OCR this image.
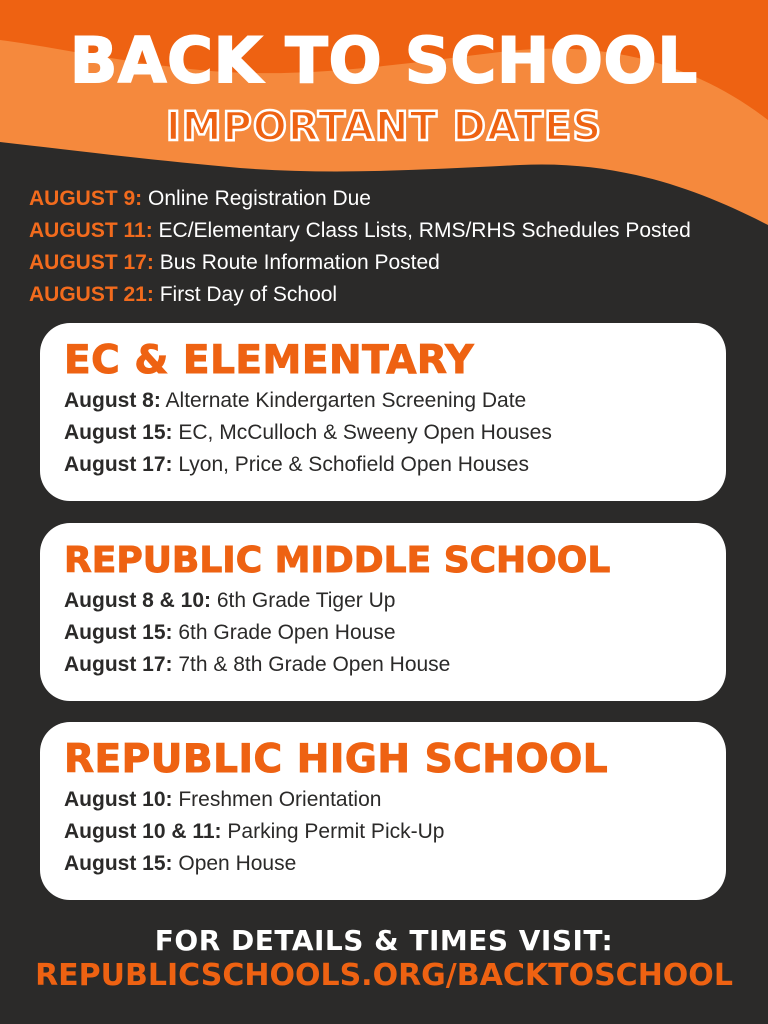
BACK TO SCHOOL
IMPORTANT DATES
AUGUST 9: Online Registration Due
AUGUST 11: EC/Elementary Class Lists, RMS/RHS Schedules Posted
AUGUST 17: Bus Route Information Posted
AUGUST 21: First Day of School
EC & ELEMENTARY
August 8: Alternate Kindergarten Screening Date
August 15: EC, McCulloch & Sweeny Open Houses
August 17: Lyon, Price & Schofield Open Houses
REPUBLIC MIDDLE SCHOOL
August 8 & 10: 6th Grade Tiger Up
August 15: 6th Grade Open House
August 17: 7th & 8th Grade Open House
REPUBLIC HIGH SCHOOL
August 10: Freshmen Orientation
August 10 & 11: Parking Permit Pick-Up
August 15: Open House
FOR DETAILS & TIMES VISIT:
REPUBLICSCHOOLS.ORG/BACKTOSCHOOL
